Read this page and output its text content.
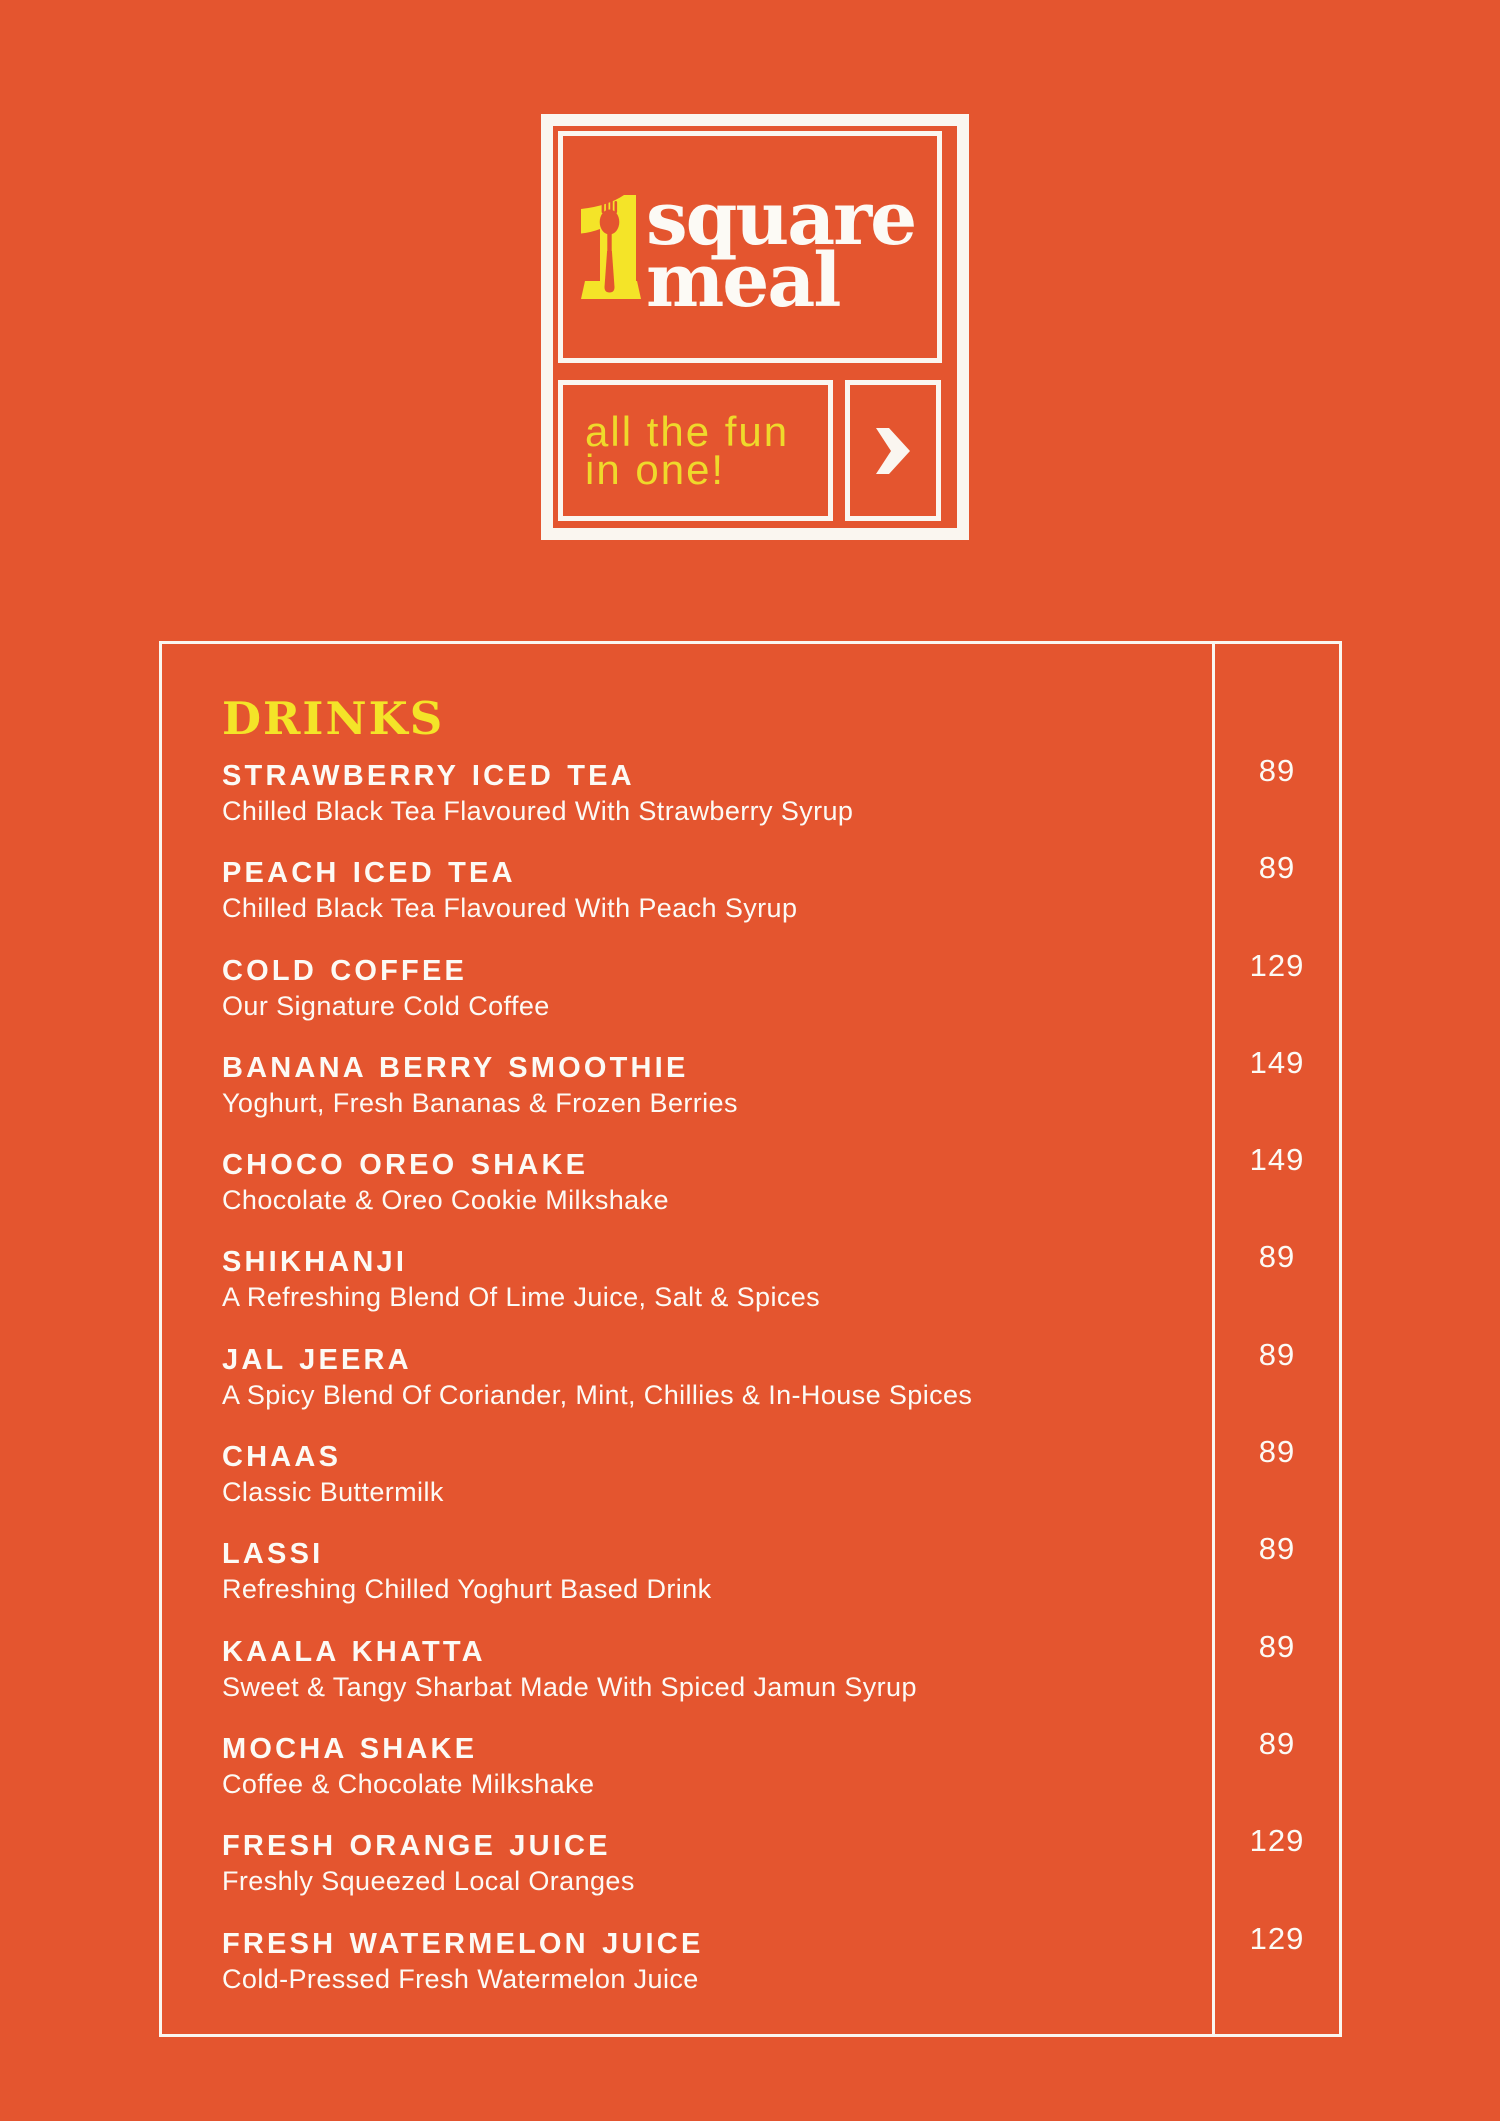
square
meal
all the fun
in one!
DRINKS
STRAWBERRY ICED TEA
Chilled Black Tea Flavoured With Strawberry Syrup
89
PEACH ICED TEA
Chilled Black Tea Flavoured With Peach Syrup
89
COLD COFFEE
Our Signature Cold Coffee
129
BANANA BERRY SMOOTHIE
Yoghurt, Fresh Bananas & Frozen Berries
149
CHOCO OREO SHAKE
Chocolate & Oreo Cookie Milkshake
149
SHIKHANJI
A Refreshing Blend Of Lime Juice, Salt & Spices
89
JAL JEERA
A Spicy Blend Of Coriander, Mint, Chillies & In-House Spices
89
CHAAS
Classic Buttermilk
89
LASSI
Refreshing Chilled Yoghurt Based Drink
89
KAALA KHATTA
Sweet & Tangy Sharbat Made With Spiced Jamun Syrup
89
MOCHA SHAKE
Coffee & Chocolate Milkshake
89
FRESH ORANGE JUICE
Freshly Squeezed Local Oranges
129
FRESH WATERMELON JUICE
Cold-Pressed Fresh Watermelon Juice
129
